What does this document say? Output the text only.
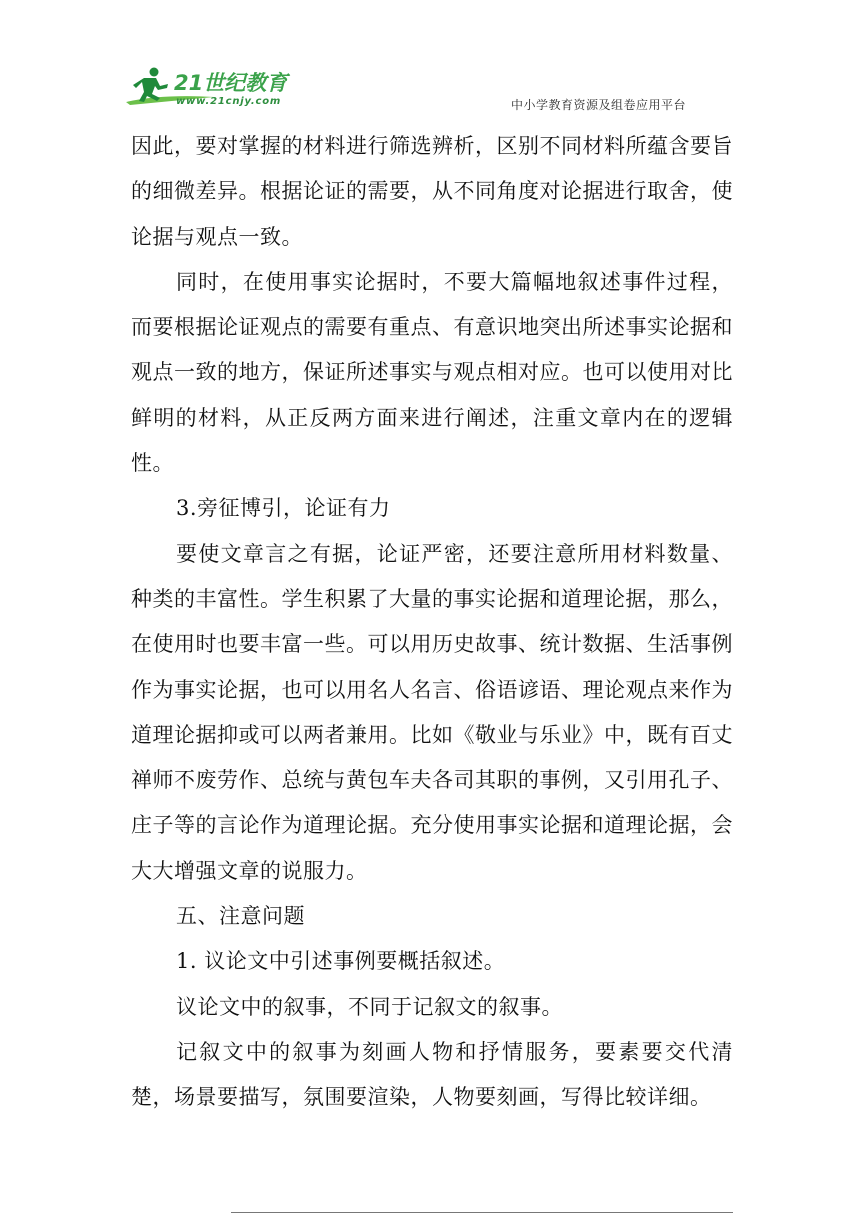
21世纪教育
www.21cnjy.com	中小学教育资源及组卷应用平台

因此，要对掌握的材料进行筛选辨析，区别不同材料所蕴含要旨的细微差异。根据论证的需要，从不同角度对论据进行取舍，使论据与观点一致。

同时，在使用事实论据时，不要大篇幅地叙述事件过程，而要根据论证观点的需要有重点、有意识地突出所述事实论据和观点一致的地方，保证所述事实与观点相对应。也可以使用对比鲜明的材料，从正反两方面来进行阐述，注重文章内在的逻辑性。

3.旁征博引，论证有力

要使文章言之有据，论证严密，还要注意所用材料数量、种类的丰富性。学生积累了大量的事实论据和道理论据，那么，在使用时也要丰富一些。可以用历史故事、统计数据、生活事例作为事实论据，也可以用名人名言、俗语谚语、理论观点来作为道理论据抑或可以两者兼用。比如《敬业与乐业》中，既有百丈禅师不废劳作、总统与黄包车夫各司其职的事例，又引用孔子、庄子等的言论作为道理论据。充分使用事实论据和道理论据，会大大增强文章的说服力。

五、注意问题

1. 议论文中引述事例要概括叙述。

议论文中的叙事，不同于记叙文的叙事。

记叙文中的叙事为刻画人物和抒情服务，要素要交代清楚，场景要描写，氛围要渲染，人物要刻画，写得比较详细。
